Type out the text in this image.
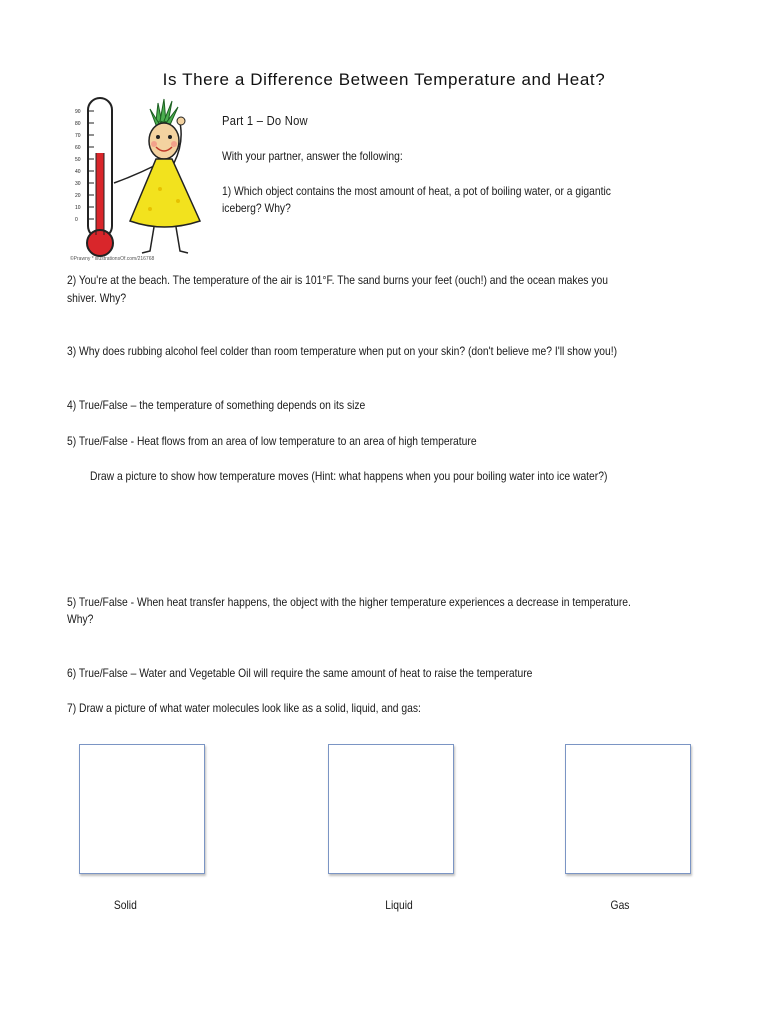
Is There a Difference Between Temperature and Heat?
90
80
70
60
50
40
30
20
10
0
©Prawny * illustrationsOf.com/216768
Part 1 – Do Now
With your partner, answer the following:
1) Which object contains the most amount of heat, a pot of boiling water, or a gigantic
iceberg? Why?
2) You're at the beach. The temperature of the air is 101°F. The sand burns your feet (ouch!) and the ocean makes you
shiver. Why?
3) Why does rubbing alcohol feel colder than room temperature when put on your skin? (don't believe me? I'll show you!)
4) True/False – the temperature of something depends on its size
5) True/False - Heat flows from an area of low temperature to an area of high temperature
Draw a picture to show how temperature moves (Hint: what happens when you pour boiling water into ice water?)
5) True/False - When heat transfer happens, the object with the higher temperature experiences a decrease in temperature.
Why?
6) True/False – Water and Vegetable Oil will require the same amount of heat to raise the temperature
7) Draw a picture of what water molecules look like as a solid, liquid, and gas:
Solid	Liquid	Gas
